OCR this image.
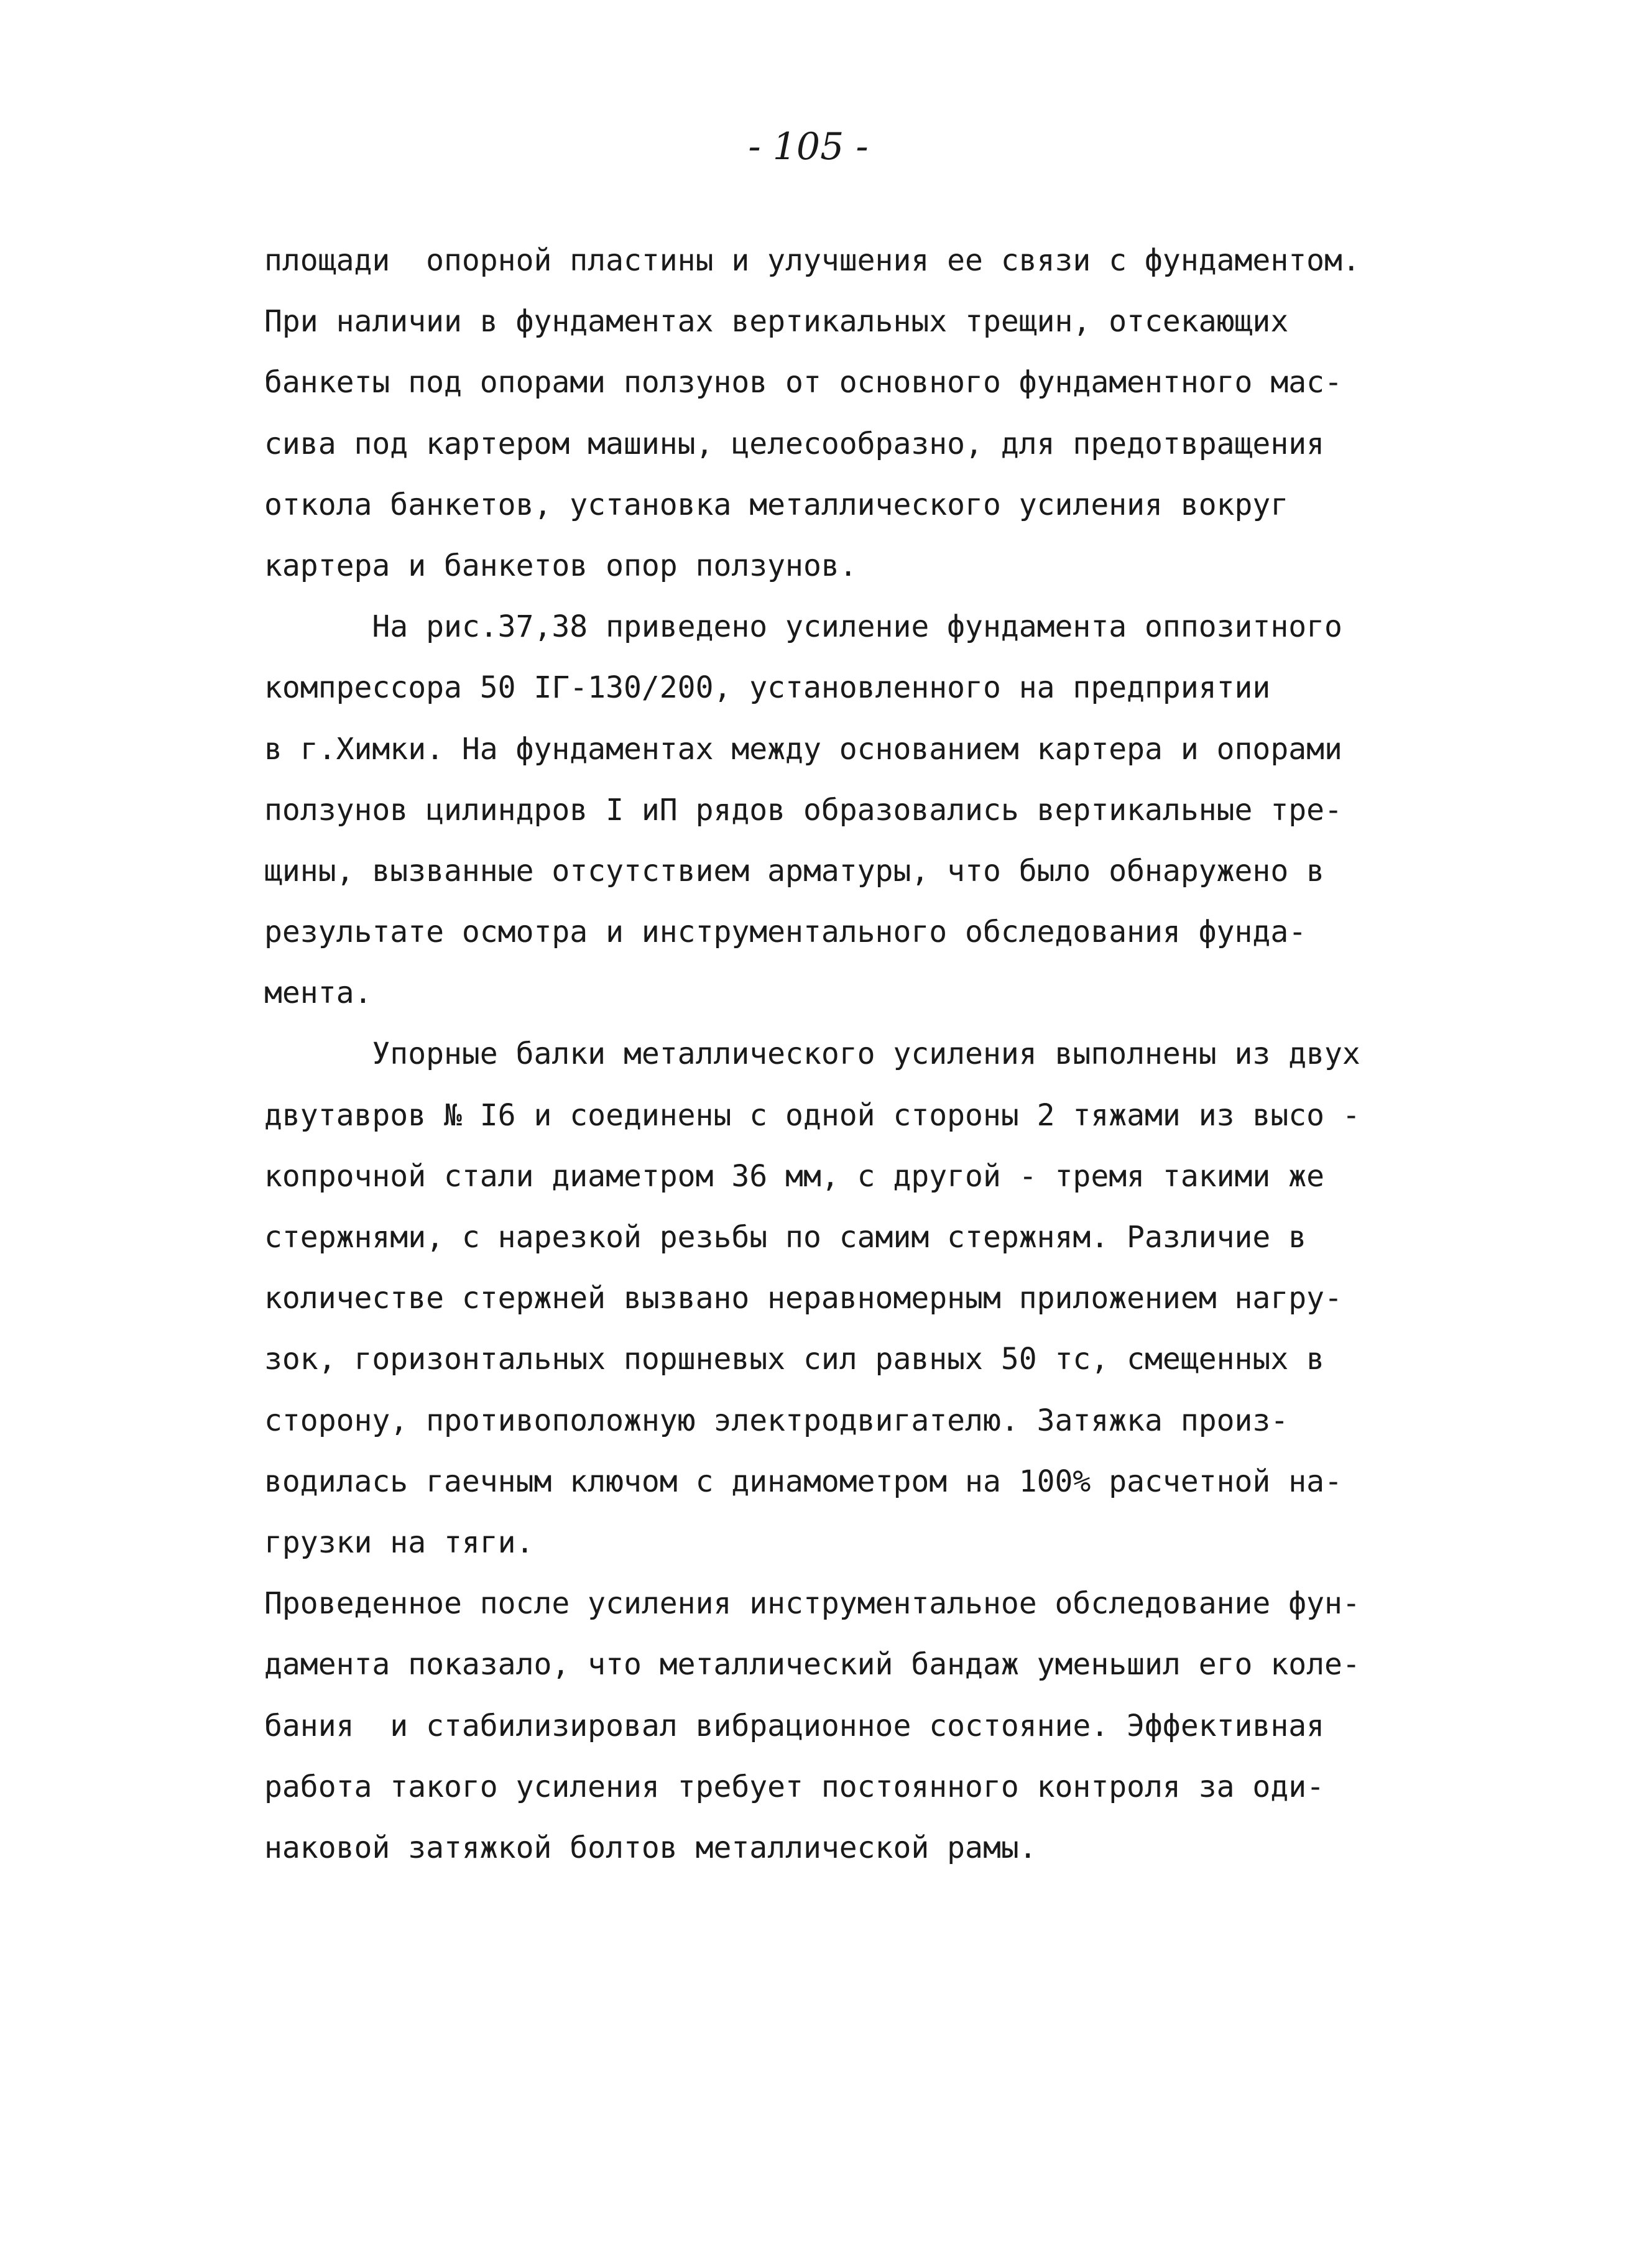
- 105 -
площади  опорной пластины и улучшения ее связи с фундаментом.
При наличии в фундаментах вертикальных трещин, отсекающих
банкеты под опорами ползунов от основного фундаментного мас-
сива под картером машины, целесообразно, для предотвращения
откола банкетов, установка металлического усиления вокруг
картера и банкетов опор ползунов.
На рис.37,38 приведено усиление фундамента оппозитного
компрессора 50 ІГ-130/200, установленного на предприятии
в г.Химки. На фундаментах между основанием картера и опорами
ползунов цилиндров I иП рядов образовались вертикальные тре-
щины, вызванные отсутствием арматуры, что было обнаружено в
результате осмотра и инструментального обследования фунда-
мента.
Упорные балки металлического усиления выполнены из двух
двутавров № I6 и соединены с одной стороны 2 тяжами из высо -
копрочной стали диаметром 36 мм, с другой - тремя такими же
стержнями, с нарезкой резьбы по самим стержням. Различие в
количестве стержней вызвано неравномерным приложением нагру-
зок, горизонтальных поршневых сил равных 50 тс, смещенных в
сторону, противоположную электродвигателю. Затяжка произ-
водилась гаечным ключом с динамометром на 100% расчетной на-
грузки на тяги.
Проведенное после усиления инструментальное обследование фун-
дамента показало, что металлический бандаж уменьшил его коле-
бания  и стабилизировал вибрационное состояние. Эффективная
работа такого усиления требует постоянного контроля за оди-
наковой затяжкой болтов металлической рамы.
